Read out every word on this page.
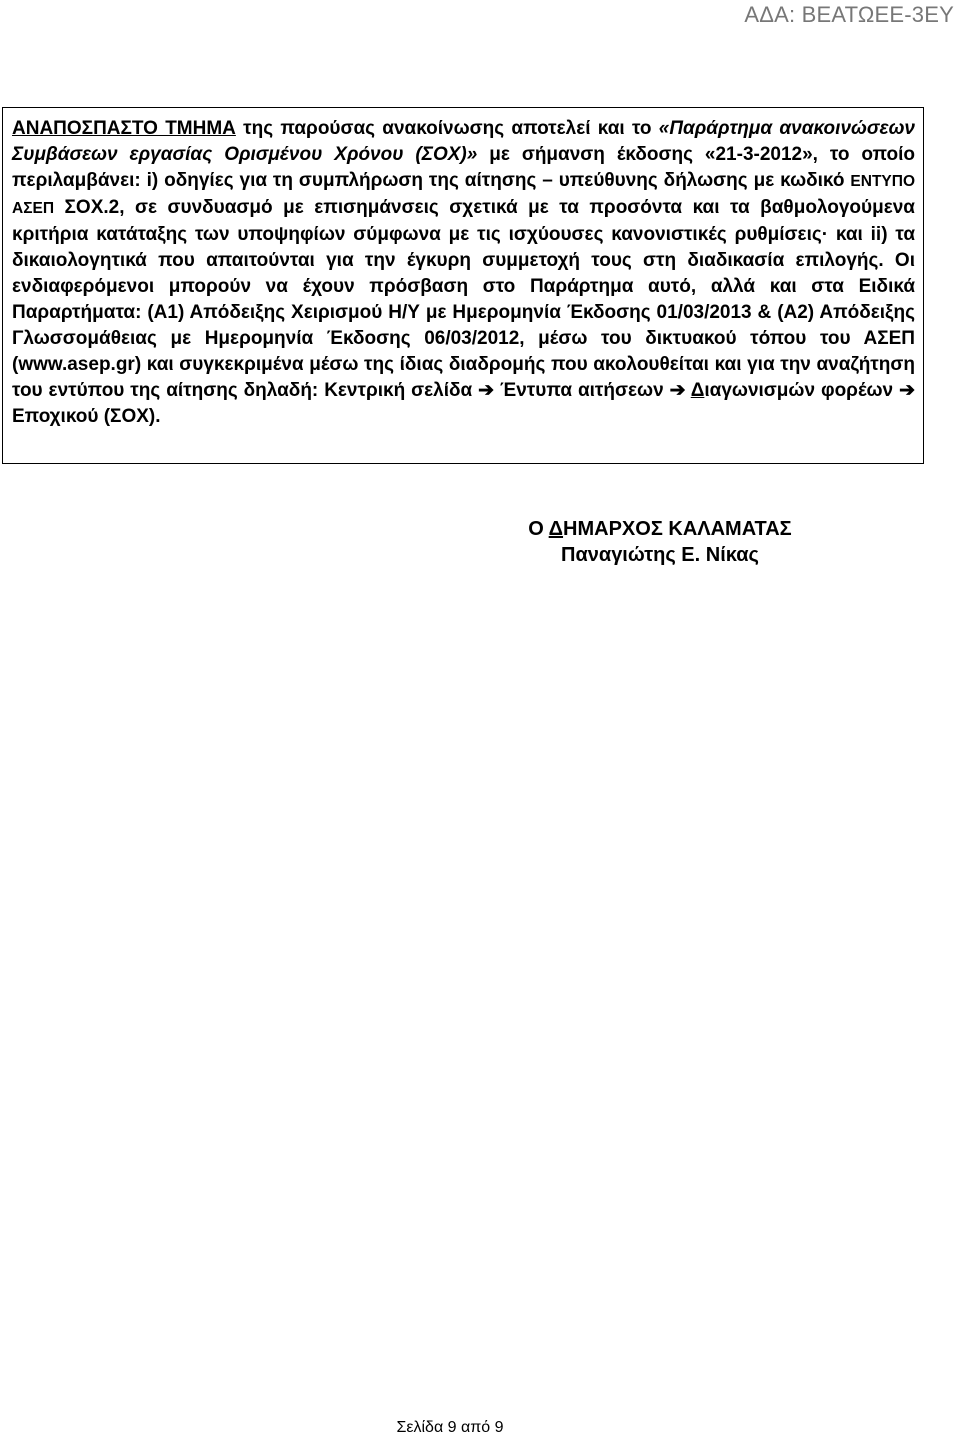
ΑΔΑ: ΒΕΑΤΩΕΕ-3ΕΥ

ΑΝΑΠΟΣΠΑΣΤΟ ΤΜΗΜΑ της παρούσας ανακοίνωσης αποτελεί και το «Παράρτημα ανακοινώσεων Συμβάσεων εργασίας Ορισμένου Χρόνου (ΣΟΧ)» με σήμανση έκδοσης «21-3-2012», το οποίο περιλαμβάνει: i) οδηγίες για τη συμπλήρωση της αίτησης – υπεύθυνης δήλωσης με κωδικό ΕΝΤΥΠΟ ΑΣΕΠ ΣΟΧ.2, σε συνδυασμό με επισημάνσεις σχετικά με τα προσόντα και τα βαθμολογούμενα κριτήρια κατάταξης των υποψηφίων σύμφωνα με τις ισχύουσες κανονιστικές ρυθμίσεις· και ii) τα δικαιολογητικά που απαιτούνται για την έγκυρη συμμετοχή τους στη διαδικασία επιλογής. Οι ενδιαφερόμενοι μπορούν να έχουν πρόσβαση στο Παράρτημα αυτό, αλλά και στα Ειδικά Παραρτήματα: (Α1) Απόδειξης Χειρισμού Η/Υ με Ημερομηνία Έκδοσης 01/03/2013 & (Α2) Απόδειξης Γλωσσομάθειας με Ημερομηνία Έκδοσης 06/03/2012, μέσω του δικτυακού τόπου του ΑΣΕΠ (www.asep.gr) και συγκεκριμένα μέσω της ίδιας διαδρομής που ακολουθείται και για την αναζήτηση του εντύπου της αίτησης δηλαδή: Κεντρική σελίδα ➔ Έντυπα αιτήσεων ➔ Διαγωνισμών φορέων ➔ Εποχικού (ΣΟΧ).

Ο ΔΗΜΑΡΧΟΣ ΚΑΛΑΜΑΤΑΣ
Παναγιώτης Ε. Νίκας
Σελίδα 9 από 9
